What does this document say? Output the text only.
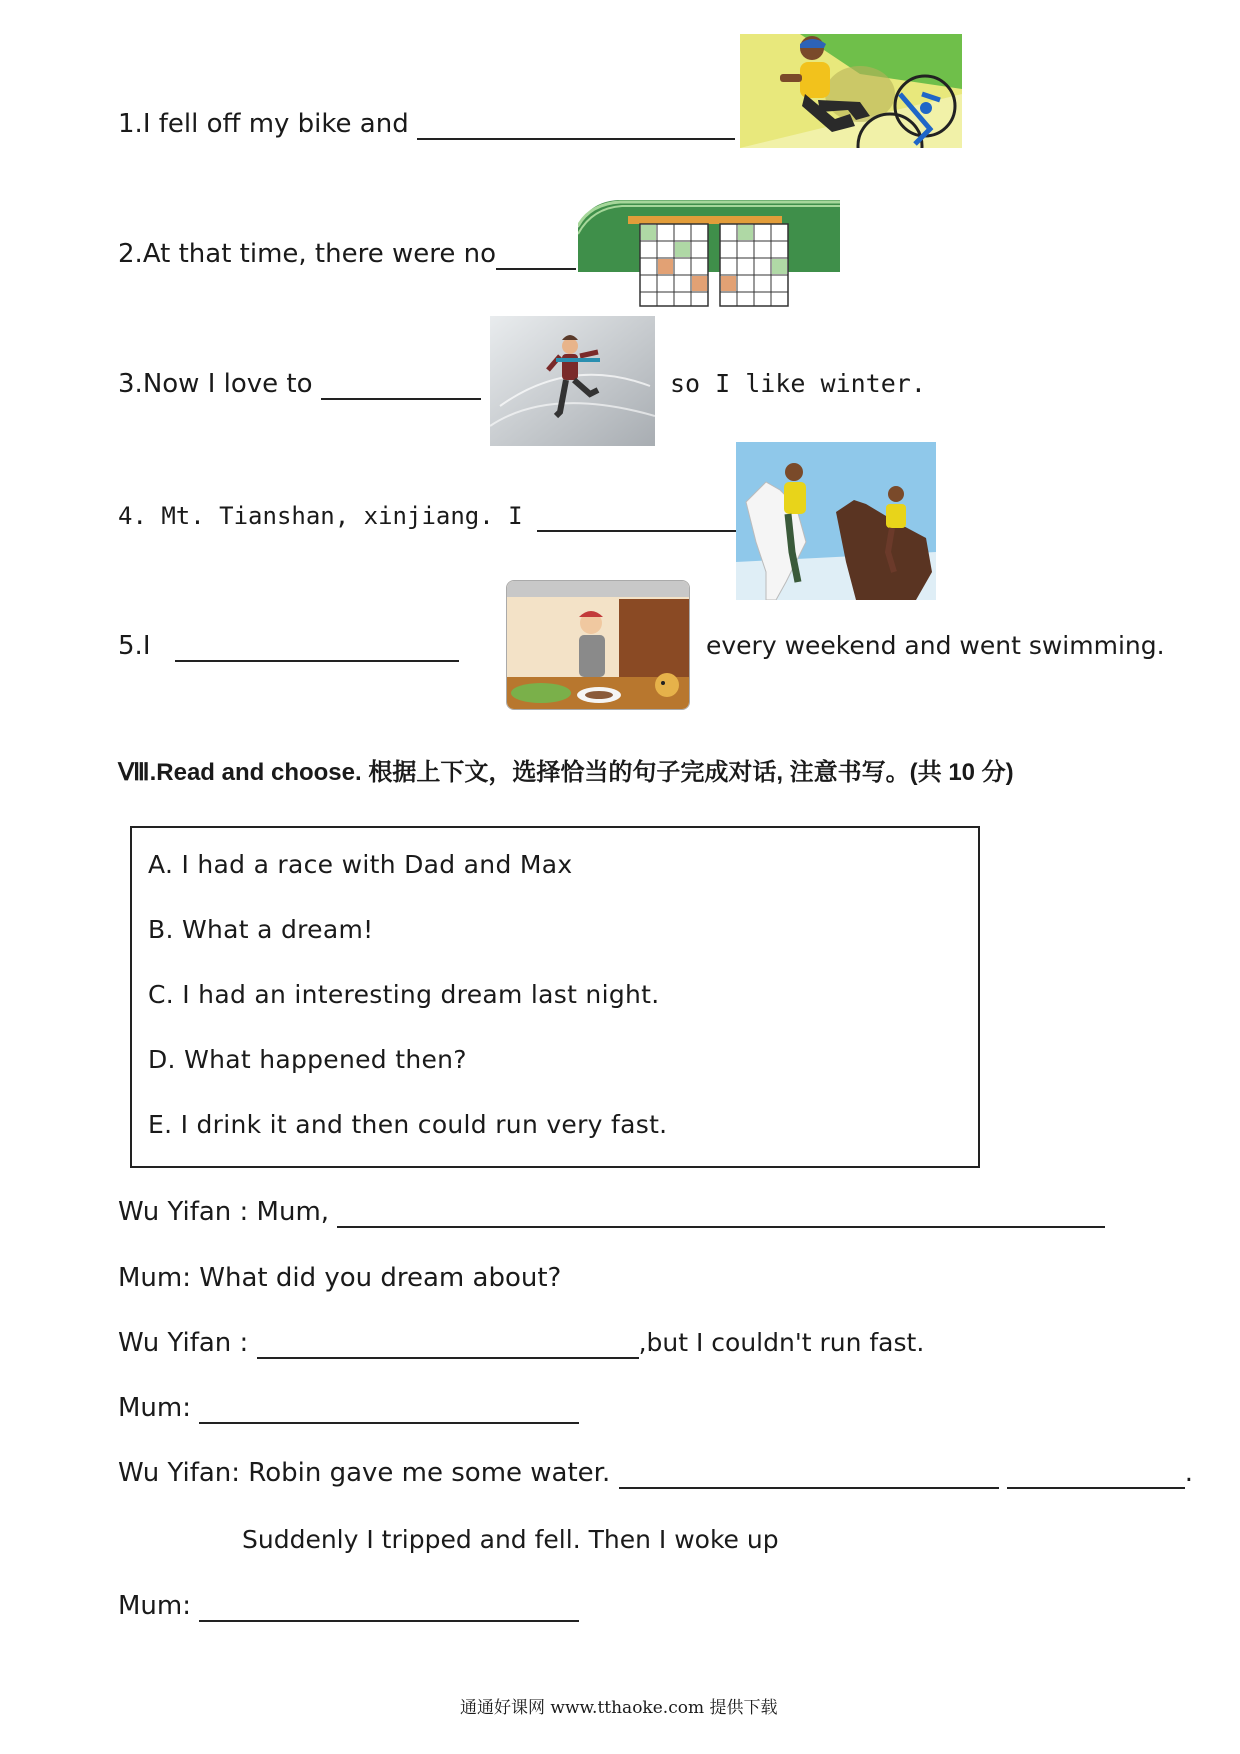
1.I fell off my bike and
2.At that time, there were no
3.Now I love to	so I like winter.
4. Mt. Tianshan, xinjiang. I
5.I	every weekend and went swimming.
Ⅷ.Read and choose. 根据上下文，选择恰当的句子完成对话, 注意书写。(共 10 分)
A. I had a race with Dad and Max
B. What a dream!
C. I had an interesting dream last night.
D. What happened then?
E. I drink it and then could run very fast.
Wu Yifan : Mum,
Mum: What did you dream about?
Wu Yifan :	,but I couldn't run fast.
Mum:
Wu Yifan: Robin gave me some water.	.
Suddenly I tripped and fell. Then I woke up
Mum:
通通好课网 www.tthaoke.com 提供下载
